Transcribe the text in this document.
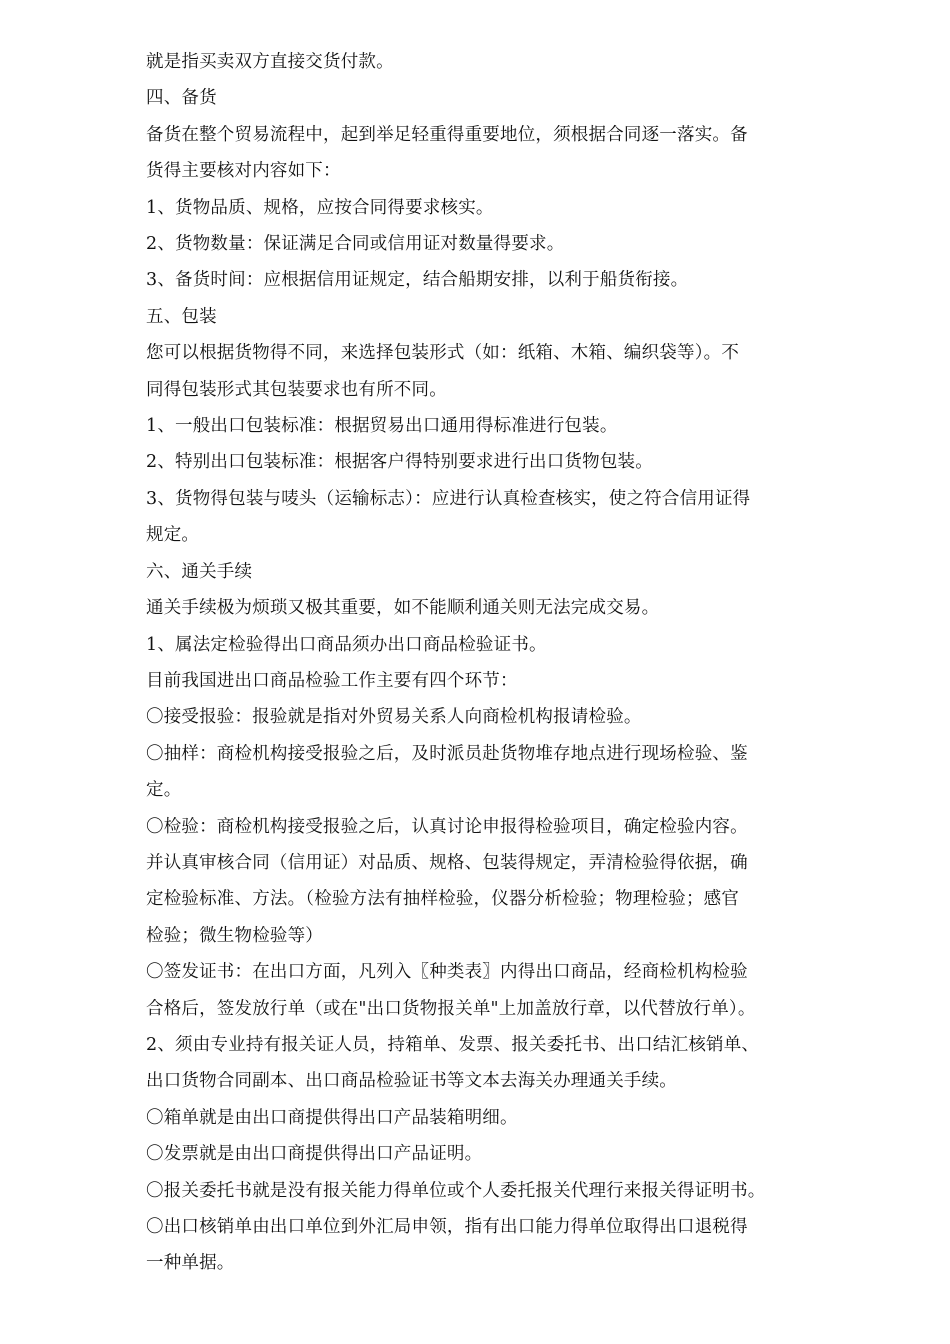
就是指买卖双方直接交货付款。
四、备货
备货在整个贸易流程中，起到举足轻重得重要地位，须根据合同逐一落实。备
货得主要核对内容如下：
1、货物品质、规格，应按合同得要求核实。
2、货物数量：保证满足合同或信用证对数量得要求。
3、备货时间：应根据信用证规定，结合船期安排，以利于船货衔接。
五、包装
您可以根据货物得不同，来选择包装形式（如：纸箱、木箱、编织袋等）。不
同得包装形式其包装要求也有所不同。
1、一般出口包装标准：根据贸易出口通用得标准进行包装。
2、特别出口包装标准：根据客户得特别要求进行出口货物包装。
3、货物得包装与唛头（运输标志）：应进行认真检查核实，使之符合信用证得
规定。
六、通关手续
通关手续极为烦琐又极其重要，如不能顺利通关则无法完成交易。
1、属法定检验得出口商品须办出口商品检验证书。
目前我国进出口商品检验工作主要有四个环节：
〇接受报验：报验就是指对外贸易关系人向商检机构报请检验。
〇抽样：商检机构接受报验之后，及时派员赴货物堆存地点进行现场检验、鉴
定。
〇检验：商检机构接受报验之后，认真讨论申报得检验项目，确定检验内容。
并认真审核合同（信用证）对品质、规格、包装得规定，弄清检验得依据，确
定检验标准、方法。（检验方法有抽样检验，仪器分析检验；物理检验；感官
检验；微生物检验等）
〇签发证书：在出口方面，凡列入〖种类表〗内得出口商品，经商检机构检验
合格后，签发放行单（或在"出口货物报关单"上加盖放行章，以代替放行单）。
2、须由专业持有报关证人员，持箱单、发票、报关委托书、出口结汇核销单、
出口货物合同副本、出口商品检验证书等文本去海关办理通关手续。
〇箱单就是由出口商提供得出口产品装箱明细。
〇发票就是由出口商提供得出口产品证明。
〇报关委托书就是没有报关能力得单位或个人委托报关代理行来报关得证明书。
〇出口核销单由出口单位到外汇局申领，指有出口能力得单位取得出口退税得
一种单据。
